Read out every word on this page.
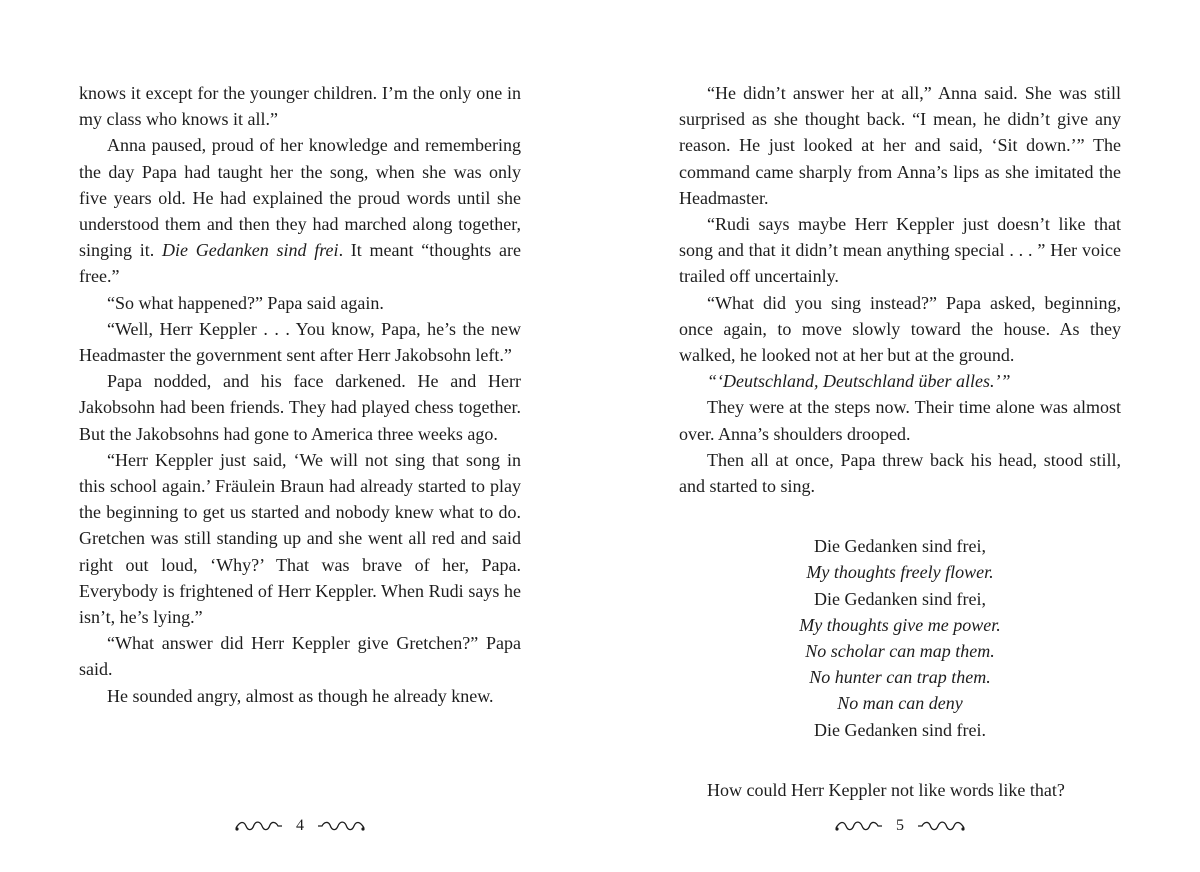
knows it except for the younger children. I’m the only one in my class who knows it all.”

Anna paused, proud of her knowledge and remembering the day Papa had taught her the song, when she was only five years old. He had explained the proud words until she understood them and then they had marched along together, singing it. Die Gedanken sind frei. It meant “thoughts are free.”

“So what happened?” Papa said again.

“Well, Herr Keppler . . . You know, Papa, he’s the new Headmaster the government sent after Herr Jakobsohn left.”

Papa nodded, and his face darkened. He and Herr Jakobsohn had been friends. They had played chess together. But the Jakobsohns had gone to America three weeks ago.

“Herr Keppler just said, ‘We will not sing that song in this school again.’ Fräulein Braun had already started to play the beginning to get us started and nobody knew what to do. Gretchen was still standing up and she went all red and said right out loud, ‘Why?’ That was brave of her, Papa. Everybody is frightened of Herr Keppler. When Rudi says he isn’t, he’s lying.”

“What answer did Herr Keppler give Gretchen?” Papa said.

He sounded angry, almost as though he already knew.

4

“He didn’t answer her at all,” Anna said. She was still surprised as she thought back. “I mean, he didn’t give any reason. He just looked at her and said, ‘Sit down.’” The command came sharply from Anna’s lips as she imitated the Headmaster.

“Rudi says maybe Herr Keppler just doesn’t like that song and that it didn’t mean anything special . . . ” Her voice trailed off uncertainly.

“What did you sing instead?” Papa asked, beginning, once again, to move slowly toward the house. As they walked, he looked not at her but at the ground.

“‘Deutschland, Deutschland über alles.’”

They were at the steps now. Their time alone was almost over. Anna’s shoulders drooped.

Then all at once, Papa threw back his head, stood still, and started to sing.

Die Gedanken sind frei,
My thoughts freely flower.
Die Gedanken sind frei,
My thoughts give me power.
No scholar can map them.
No hunter can trap them.
No man can deny
Die Gedanken sind frei.

How could Herr Keppler not like words like that?

5
